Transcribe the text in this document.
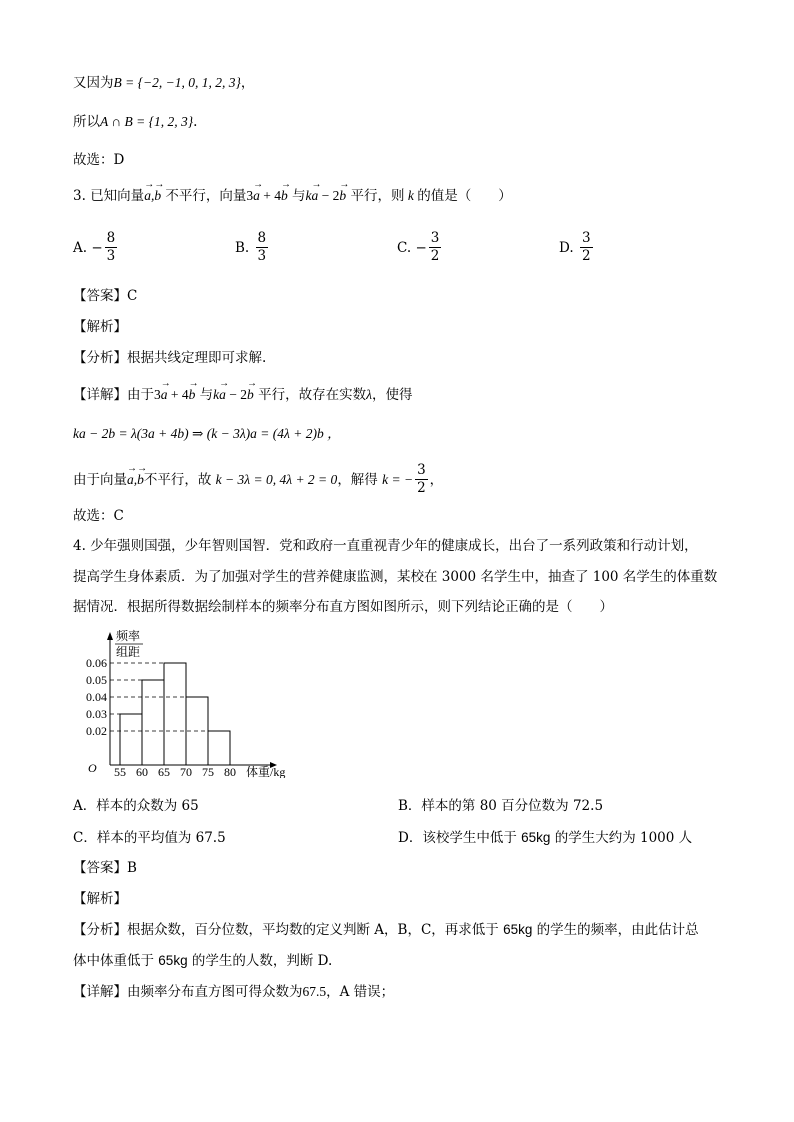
又因为B = {−2, −1, 0, 1, 2, 3}，
所以A ∩ B = {1, 2, 3}.
故选：D
3. 已知向量→ a,→ b 不平行，向量3→ a + 4→ b 与k→ a − 2→ b 平行，则 k 的值是（　　）
A.
− $\frac{8}{3}$	B.
$\frac{8}{3}$	C.
− $\frac{3}{2}$	D.
$\frac{3}{2}$
【答案】C
【解析】
【分析】根据共线定理即可求解.
【详解】由于3→ a + 4→ b 与k→ a − 2→ b 平行，故存在实数λ，使得
ka − 2b = λ(3a + 4b) ⇒ (k − 3λ)a = (4λ + 2)b ，
由于向量
→ a,→ b 不平行，故
k − 3λ = 0, 4λ + 2 = 0 ，解得
k = − $\frac{3}{2}$ ，
故选：C
4. 少年强则国强，少年智则国智．党和政府一直重视青少年的健康成长，出台了一系列政策和行动计划，
提高学生身体素质．为了加强对学生的营养健康监测，某校在 3000 名学生中，抽查了 100 名学生的体重数
据情况．根据所得数据绘制样本的频率分布直方图如图所示，则下列结论正确的是（　　）
频率
组距
O
0.06
0.05
0.04
0.03
0.02
55 60 65 70 75 80 体重/kg
A．样本的众数为 65	B．样本的第 80 百分位数为 72.5
C．样本的平均值为 67.5	D．该校学生中低于 65kg 的学生大约为 1000 人
【答案】B
【解析】
【分析】根据众数，百分位数，平均数的定义判断 A，B，C，再求低于 65kg 的学生的频率，由此估计总
体中体重低于 65kg 的学生的人数，判断 D.
【详解】由频率分布直方图可得众数为67.5，A 错误；
